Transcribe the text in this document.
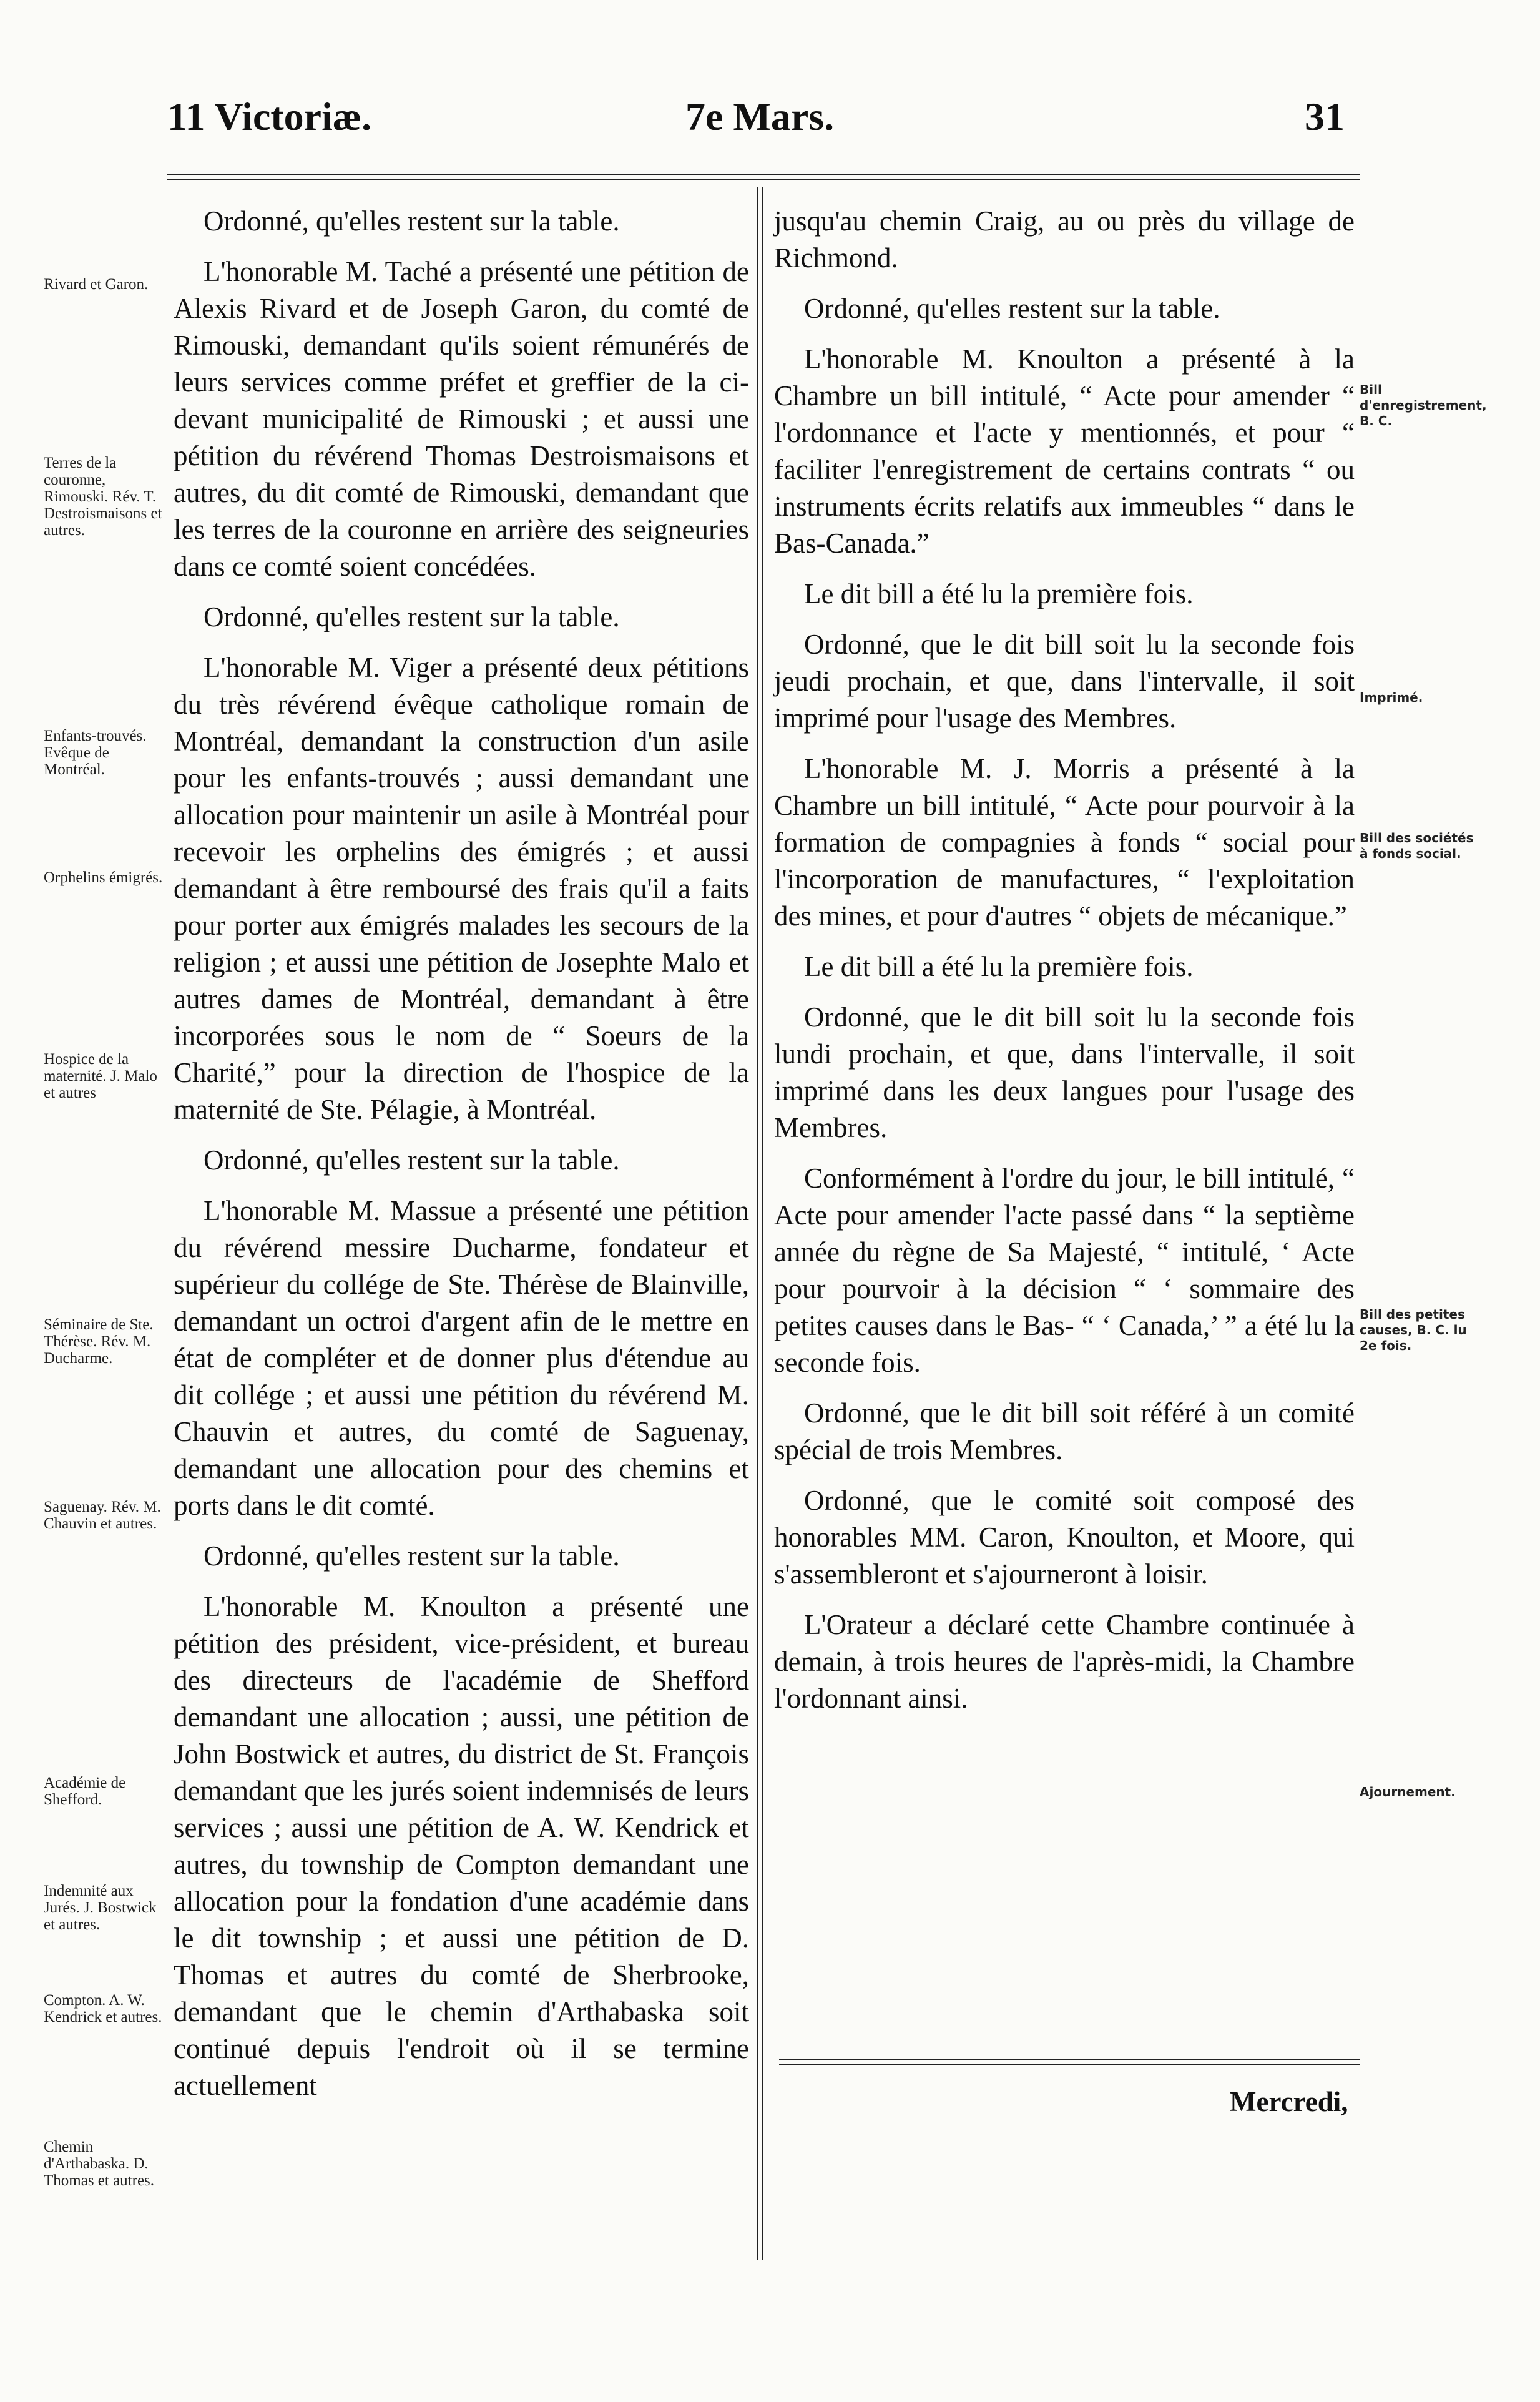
11 Victoriæ.	7e Mars.	31

Ordonné, qu'elles restent sur la table.

L'honorable M. Taché a présenté une pétition de Alexis Rivard et de Joseph Garon, du comté de Rimouski, demandant qu'ils soient rémunérés de leurs services comme préfet et greffier de la ci-devant municipalité de Rimouski ; et aussi une pétition du révérend Thomas Destroismaisons et autres, du dit comté de Rimouski, demandant que les terres de la couronne en arrière des seigneuries dans ce comté soient concédées.

Ordonné, qu'elles restent sur la table.

L'honorable M. Viger a présenté deux pétitions du très révérend évêque catholique romain de Montréal, demandant la construction d'un asile pour les enfants-trouvés ; aussi demandant une allocation pour maintenir un asile à Montréal pour recevoir les orphelins des émigrés ; et aussi demandant à être remboursé des frais qu'il a faits pour porter aux émigrés malades les secours de la religion ; et aussi une pétition de Josephte Malo et autres dames de Montréal, demandant à être incorporées sous le nom de “ Soeurs de la Charité,” pour la direction de l'hospice de la maternité de Ste. Pélagie, à Montréal.

Ordonné, qu'elles restent sur la table.

L'honorable M. Massue a présenté une pétition du révérend messire Ducharme, fondateur et supérieur du collége de Ste. Thérèse de Blainville, demandant un octroi d'argent afin de le mettre en état de compléter et de donner plus d'étendue au dit collége ; et aussi une pétition du révérend M. Chauvin et autres, du comté de Saguenay, demandant une allocation pour des chemins et ports dans le dit comté.

Ordonné, qu'elles restent sur la table.

L'honorable M. Knoulton a présenté une pétition des président, vice-président, et bureau des directeurs de l'académie de Shefford demandant une allocation ; aussi, une pétition de John Bostwick et autres, du district de St. François demandant que les jurés soient indemnisés de leurs services ; aussi une pétition de A. W. Kendrick et autres, du township de Compton demandant une allocation pour la fondation d'une académie dans le dit township ; et aussi une pétition de D. Thomas et autres du comté de Sherbrooke, demandant que le chemin d'Arthabaska soit continué depuis l'endroit où il se termine actuellement

jusqu'au chemin Craig, au ou près du village de Richmond.

Ordonné, qu'elles restent sur la table.

L'honorable M. Knoulton a présenté à la Chambre un bill intitulé, “ Acte pour amender “ l'ordonnance et l'acte y mentionnés, et pour “ faciliter l'enregistrement de certains contrats “ ou instruments écrits relatifs aux immeubles “ dans le Bas-Canada.”

Le dit bill a été lu la première fois.

Ordonné, que le dit bill soit lu la seconde fois jeudi prochain, et que, dans l'intervalle, il soit imprimé pour l'usage des Membres.

L'honorable M. J. Morris a présenté à la Chambre un bill intitulé, “ Acte pour pourvoir à la formation de compagnies à fonds “ social pour l'incorporation de manufactures, “ l'exploitation des mines, et pour d'autres “ objets de mécanique.”

Le dit bill a été lu la première fois.

Ordonné, que le dit bill soit lu la seconde fois lundi prochain, et que, dans l'intervalle, il soit imprimé dans les deux langues pour l'usage des Membres.

Conformément à l'ordre du jour, le bill intitulé, “ Acte pour amender l'acte passé dans “ la septième année du règne de Sa Majesté, “ intitulé, ‘ Acte pour pourvoir à la décision “ ‘ sommaire des petites causes dans le Bas- “ ‘ Canada,’ ” a été lu la seconde fois.

Ordonné, que le dit bill soit référé à un comité spécial de trois Membres.

Ordonné, que le comité soit composé des honorables MM. Caron, Knoulton, et Moore, qui s'assembleront et s'ajourneront à loisir.

L'Orateur a déclaré cette Chambre continuée à demain, à trois heures de l'après-midi, la Chambre l'ordonnant ainsi.

Rivard et Garon.
Terres de la couronne, Rimouski. Rév. T. Destroismaisons et autres.
Enfants-trouvés. Evêque de Montréal.
Orphelins émigrés.
Hospice de la maternité. J. Malo et autres
Séminaire de Ste. Thérèse. Rév. M. Ducharme.
Saguenay. Rév. M. Chauvin et autres.
Académie de Shefford.
Indemnité aux Jurés. J. Bostwick et autres.
Compton. A. W. Kendrick et autres.
Chemin d'Arthabaska. D. Thomas et autres.
Bill d'enregistrement, B. C.
Imprimé.
Bill des sociétés à fonds social.
Bill des petites causes, B. C. lu 2e fois.
Ajournement.
Mercredi,
